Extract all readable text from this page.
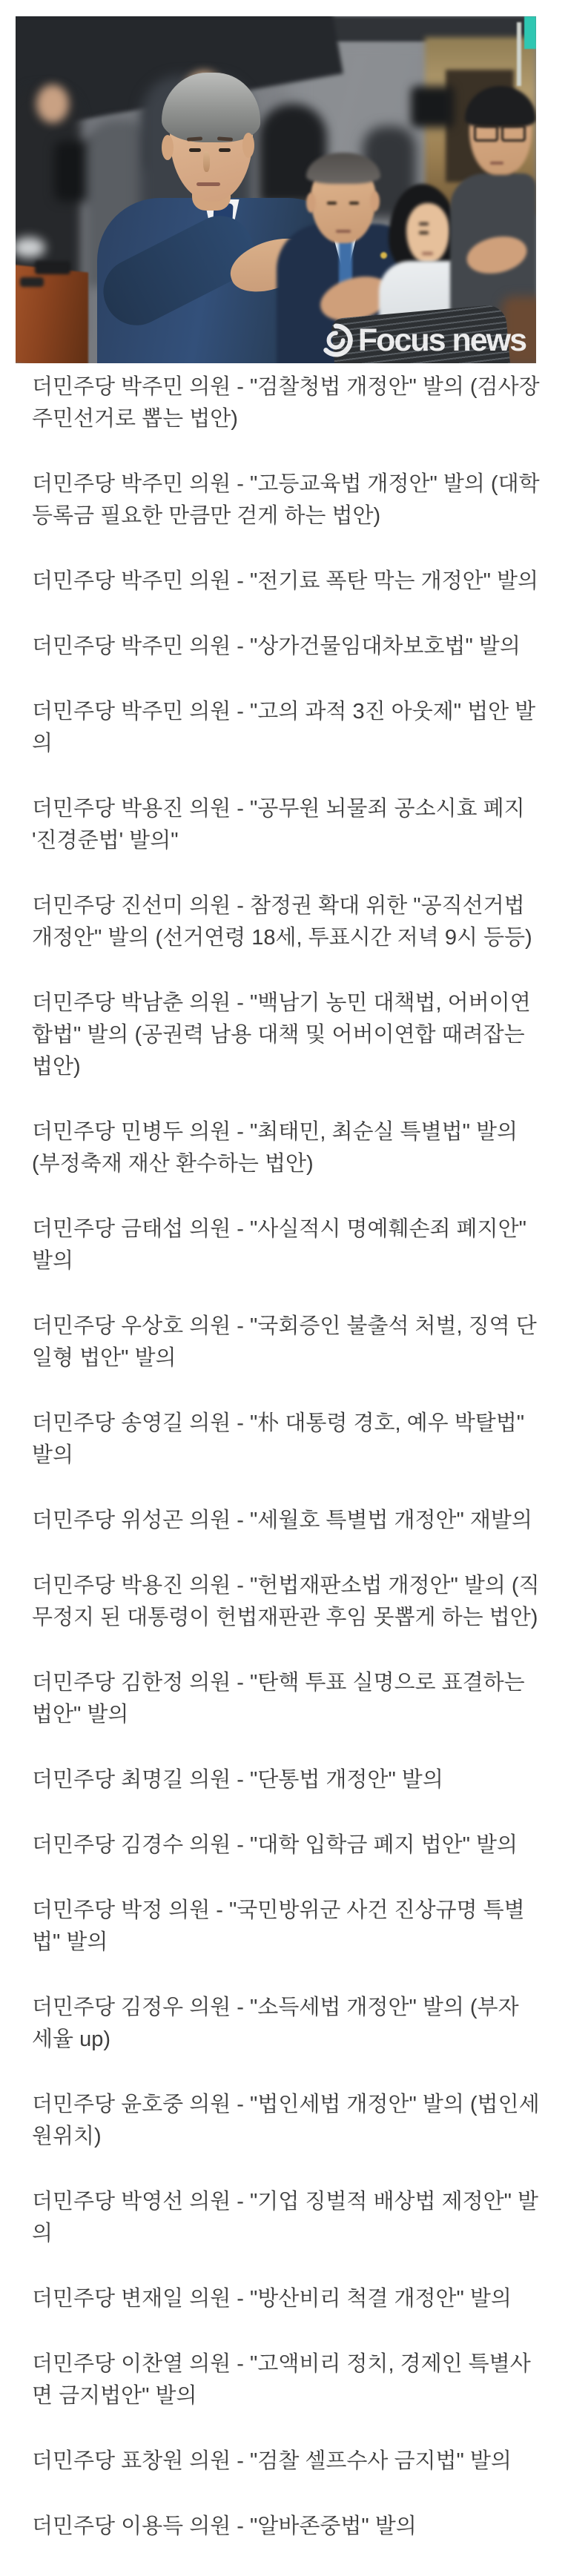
Focus news

더민주당 박주민 의원 - "검찰청법 개정안" 발의 (검사장 주민선거로 뽑는 법안)

더민주당 박주민 의원 - "고등교육법 개정안" 발의 (대학등록금 필요한 만큼만 걷게 하는 법안)

더민주당 박주민 의원 - "전기료 폭탄 막는 개정안" 발의

더민주당 박주민 의원 - "상가건물임대차보호법" 발의

더민주당 박주민 의원 - "고의 과적 3진 아웃제" 법안 발의

더민주당 박용진 의원 - "공무원 뇌물죄 공소시효 폐지 '진경준법' 발의"

더민주당 진선미 의원 - 참정권 확대 위한 "공직선거법 개정안" 발의 (선거연령 18세, 투표시간 저녁 9시 등등)

더민주당 박남춘 의원 - "백남기 농민 대책법, 어버이연합법" 발의 (공권력 남용 대책 및 어버이연합 때려잡는 법안)

더민주당 민병두 의원 - "최태민, 최순실 특별법" 발의 (부정축재 재산 환수하는 법안)

더민주당 금태섭 의원 - "사실적시 명예훼손죄 폐지안" 발의

더민주당 우상호 의원 - "국회증인 불출석 처벌, 징역 단일형 법안" 발의

더민주당 송영길 의원 - "朴 대통령 경호, 예우 박탈법" 발의

더민주당 위성곤 의원 - "세월호 특별법 개정안" 재발의

더민주당 박용진 의원 - "헌법재판소법 개정안" 발의 (직무정지 된 대통령이 헌법재판관 후임 못뽑게 하는 법안)

더민주당 김한정 의원 - "탄핵 투표 실명으로 표결하는 법안" 발의

더민주당 최명길 의원 - "단통법 개정안" 발의

더민주당 김경수 의원 - "대학 입학금 폐지 법안" 발의

더민주당 박정 의원 - "국민방위군 사건 진상규명 특별법" 발의

더민주당 김정우 의원 - "소득세법 개정안" 발의 (부자 세율 up)

더민주당 윤호중 의원 - "법인세법 개정안" 발의 (법인세 원위치)

더민주당 박영선 의원 - "기업 징벌적 배상법 제정안" 발의

더민주당 변재일 의원 - "방산비리 척결 개정안" 발의

더민주당 이찬열 의원 - "고액비리 정치, 경제인 특별사면 금지법안" 발의

더민주당 표창원 의원 - "검찰 셀프수사 금지법" 발의

더민주당 이용득 의원 - "알바존중법" 발의
